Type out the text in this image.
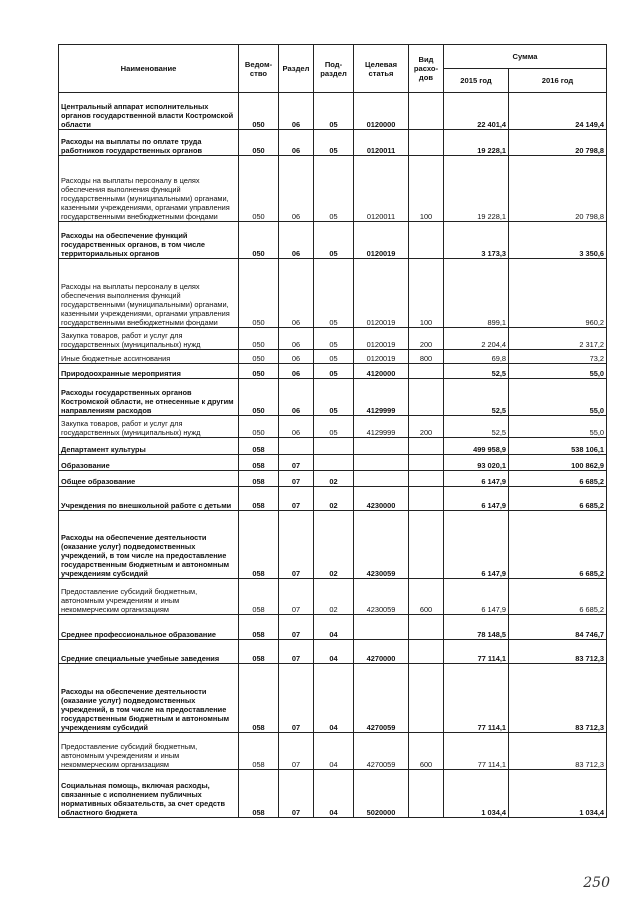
Наименование	Ведом-ство	Раздел	Под-раздел	Целевая статья	Вид расхо-дов	Сумма	
						2015 год	2016 год
Центральный аппарат исполнительных органов государственной власти Костромской области	050	06	05	0120000		22 401,4	24 149,4
Расходы на выплаты по оплате труда работников государственных органов	050	06	05	0120011		19 228,1	20 798,8
Расходы на выплаты персоналу в целях обеспечения выполнения функций государственными (муниципальными) органами, казенными учреждениями, органами управления государственными внебюджетными фондами	050	06	05	0120011	100	19 228,1	20 798,8
Расходы на обеспечение функций государственных органов, в том числе территориальных органов	050	06	05	0120019		3 173,3	3 350,6
Расходы на выплаты персоналу в целях обеспечения выполнения функций государственными (муниципальными) органами, казенными учреждениями, органами управления государственными внебюджетными фондами	050	06	05	0120019	100	899,1	960,2
Закупка товаров, работ и услуг для государственных (муниципальных) нужд	050	06	05	0120019	200	2 204,4	2 317,2
Иные бюджетные ассигнования	050	06	05	0120019	800	69,8	73,2
Природоохранные мероприятия	050	06	05	4120000		52,5	55,0
Расходы государственных органов Костромской области, не отнесенные к другим направлениям расходов	050	06	05	4129999		52,5	55,0
Закупка товаров, работ и услуг для государственных (муниципальных) нужд	050	06	05	4129999	200	52,5	55,0
Департамент культуры	058					499 958,9	538 106,1
Образование	058	07				93 020,1	100 862,9
Общее образование	058	07	02			6 147,9	6 685,2
Учреждения по внешкольной работе с детьми	058	07	02	4230000		6 147,9	6 685,2
Расходы на обеспечение деятельности (оказание услуг) подведомственных учреждений, в том числе на предоставление государственным бюджетным и автономным учреждениям субсидий	058	07	02	4230059		6 147,9	6 685,2
Предоставление субсидий бюджетным, автономным учреждениям и иным некоммерческим организациям	058	07	02	4230059	600	6 147,9	6 685,2
Среднее профессиональное образование	058	07	04			78 148,5	84 746,7
Средние специальные учебные заведения	058	07	04	4270000		77 114,1	83 712,3
Расходы на обеспечение деятельности (оказание услуг) подведомственных учреждений, в том числе на предоставление государственным бюджетным и автономным учреждениям субсидий	058	07	04	4270059		77 114,1	83 712,3
Предоставление субсидий бюджетным, автономным учреждениям и иным некоммерческим организациям	058	07	04	4270059	600	77 114,1	83 712,3
Социальная помощь, включая расходы, связанные с исполнением публичных нормативных обязательств, за счет средств областного бюджета	058	07	04	5020000		1 034,4	1 034,4
250
